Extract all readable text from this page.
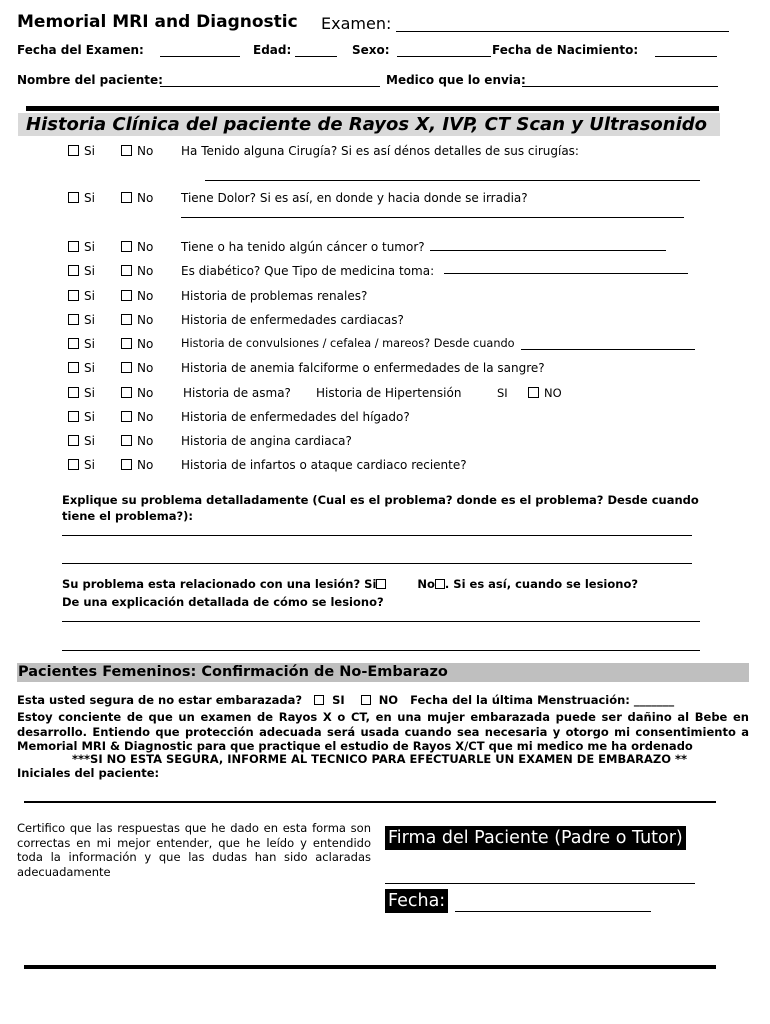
Memorial MRI and Diagnostic Examen:
Fecha del Examen:	Edad:	Sexo:	Fecha de Nacimiento:
Nombre del paciente:	Medico que lo envia:
Historia Clínica del paciente de Rayos X, IVP, CT Scan y Ultrasonido
Si	No Ha Tenido alguna Cirugía? Si es así dénos detalles de sus cirugías:
Si	No Tiene Dolor? Si es así, en donde y hacia donde se irradia?
Si	No Tiene o ha tenido algún cáncer o tumor?
Si	No Es diabético? Que Tipo de medicina toma:
Si	No Historia de problemas renales?
Si	No Historia de enfermedades cardiacas?
Si	No Historia de convulsiones / cefalea / mareos? Desde cuando
Si	No Historia de anemia falciforme o enfermedades de la sangre?
Si	No Historia de asma? Historia de Hipertensión	SI	NO
Si	No Historia de enfermedades del hígado?
Si	No Historia de angina cardiaca?
Si	No Historia de infartos o ataque cardiaco reciente?
Explique su problema detalladamente (Cual es el problema? donde es el problema? Desde cuando
tiene el problema?):
Su problema esta relacionado con una lesión? Si	No . Si es así, cuando se lesiono?
De una explicación detallada de cómo se lesiono?
Pacientes Femeninos: Confirmación de No-Embarazo
Esta usted segura de no estar embarazada?	SI	NO Fecha del la última Menstruación: _______
Estoy conciente de que un examen de Rayos X o CT, en una mujer embarazada puede ser dañino al Bebe en desarrollo. Entiendo que protección adecuada será usada cuando sea necesaria y otorgo mi consentimiento a Memorial MRI & Diagnostic para que practique el estudio de Rayos X/CT que mi medico me ha ordenado
***SI NO ESTA SEGURA, INFORME AL TECNICO PARA EFECTUARLE UN EXAMEN DE EMBARAZO **
Iniciales del paciente:
Certifico que las respuestas que he dado en esta forma son correctas en mi mejor entender, que he leído y entendido toda la información y que las dudas han sido aclaradas adecuadamente
Firma del Paciente (Padre o Tutor)
Fecha:
